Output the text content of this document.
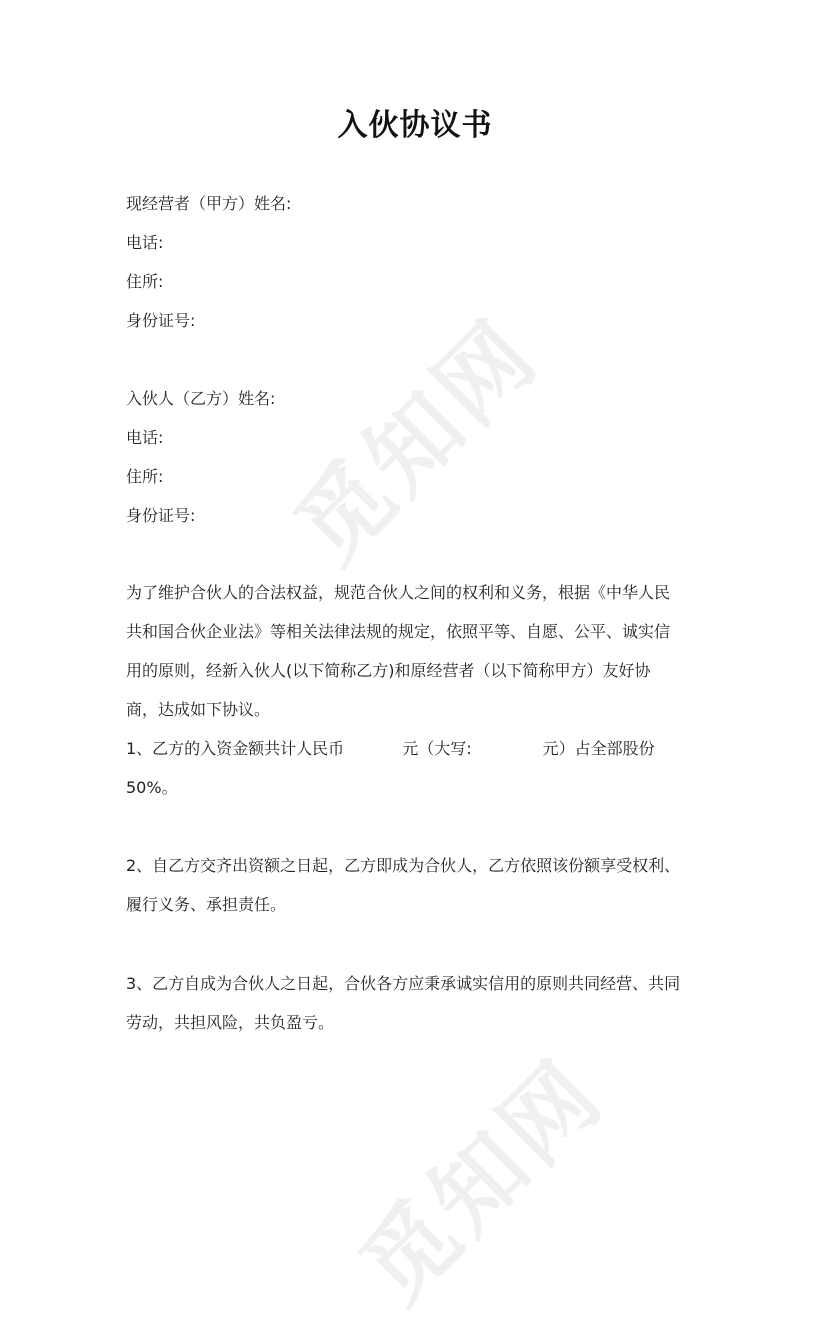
觅知网
觅知网
入伙协议书
现经营者（甲方）姓名:
电话:
住所:
身份证号:
入伙人（乙方）姓名:
电话:
住所:
身份证号:
为了维护合伙人的合法权益，规范合伙人之间的权利和义务，根据《中华人民
共和国合伙企业法》等相关法律法规的规定，依照平等、自愿、公平、诚实信
用的原则，经新入伙人(以下简称乙方)和原经营者（以下简称甲方）友好协
商，达成如下协议。
1、乙方的入资金额共计人民币	元（大写:	元）占全部股份
50%。
2、自乙方交齐出资额之日起，乙方即成为合伙人，乙方依照该份额享受权利、
履行义务、承担责任。
3、乙方自成为合伙人之日起，合伙各方应秉承诚实信用的原则共同经营、共同
劳动，共担风险，共负盈亏。
